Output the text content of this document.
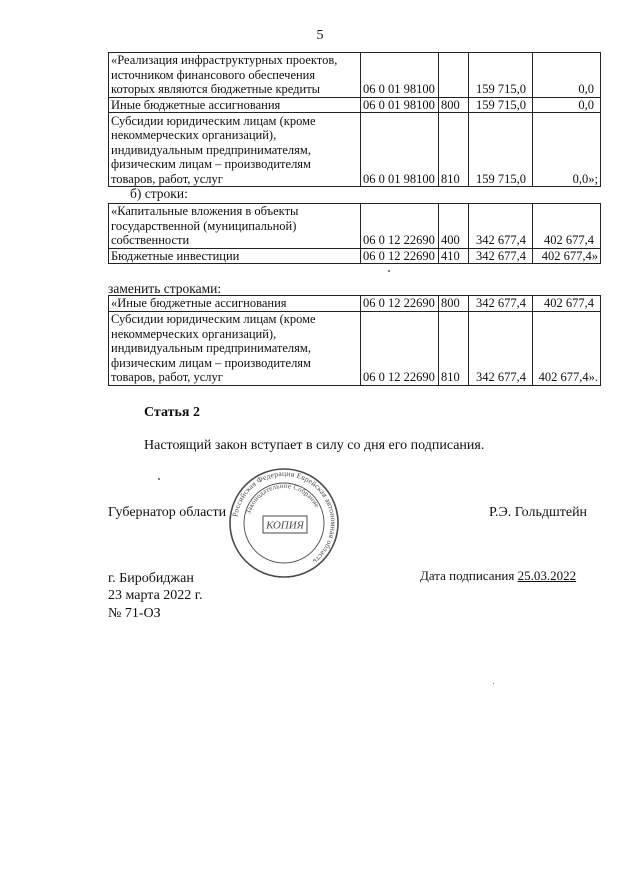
5
«Реализация инфраструктурных проектов, источником финансового обеспечения которых являются бюджетные кредиты	06 0 01 98100		159 715,0	0,0
Иные бюджетные ассигнования	06 0 01 98100	800	159 715,0	0,0
Субсидии юридическим лицам (кроме некоммерческих организаций), индивидуальным предпринимателям, физическим лицам – производителям товаров, работ, услуг	06 0 01 98100	810	159 715,0	0,0»;
б) строки:
«Капитальные вложения в объекты государственной (муниципальной) собственности	06 0 12 22690	400	342 677,4	402 677,4
Бюджетные инвестиции	06 0 12 22690	410	342 677,4	402 677,4»
заменить строками:
«Иные бюджетные ассигнования	06 0 12 22690	800	342 677,4	402 677,4
Субсидии юридическим лицам (кроме некоммерческих организаций), индивидуальным предпринимателям, физическим лицам – производителям товаров, работ, услуг	06 0 12 22690	810	342 677,4	402 677,4».
Статья 2
Настоящий закон вступает в силу со дня его подписания.
Губернатор области	Р.Э. Гольдштейн
Российская Федерация Еврейская автономная область
Законодательное Собрание
КОПИЯ
г. Биробиджан
23 марта 2022 г.
№ 71-ОЗ
Дата подписания 25.03.2022
